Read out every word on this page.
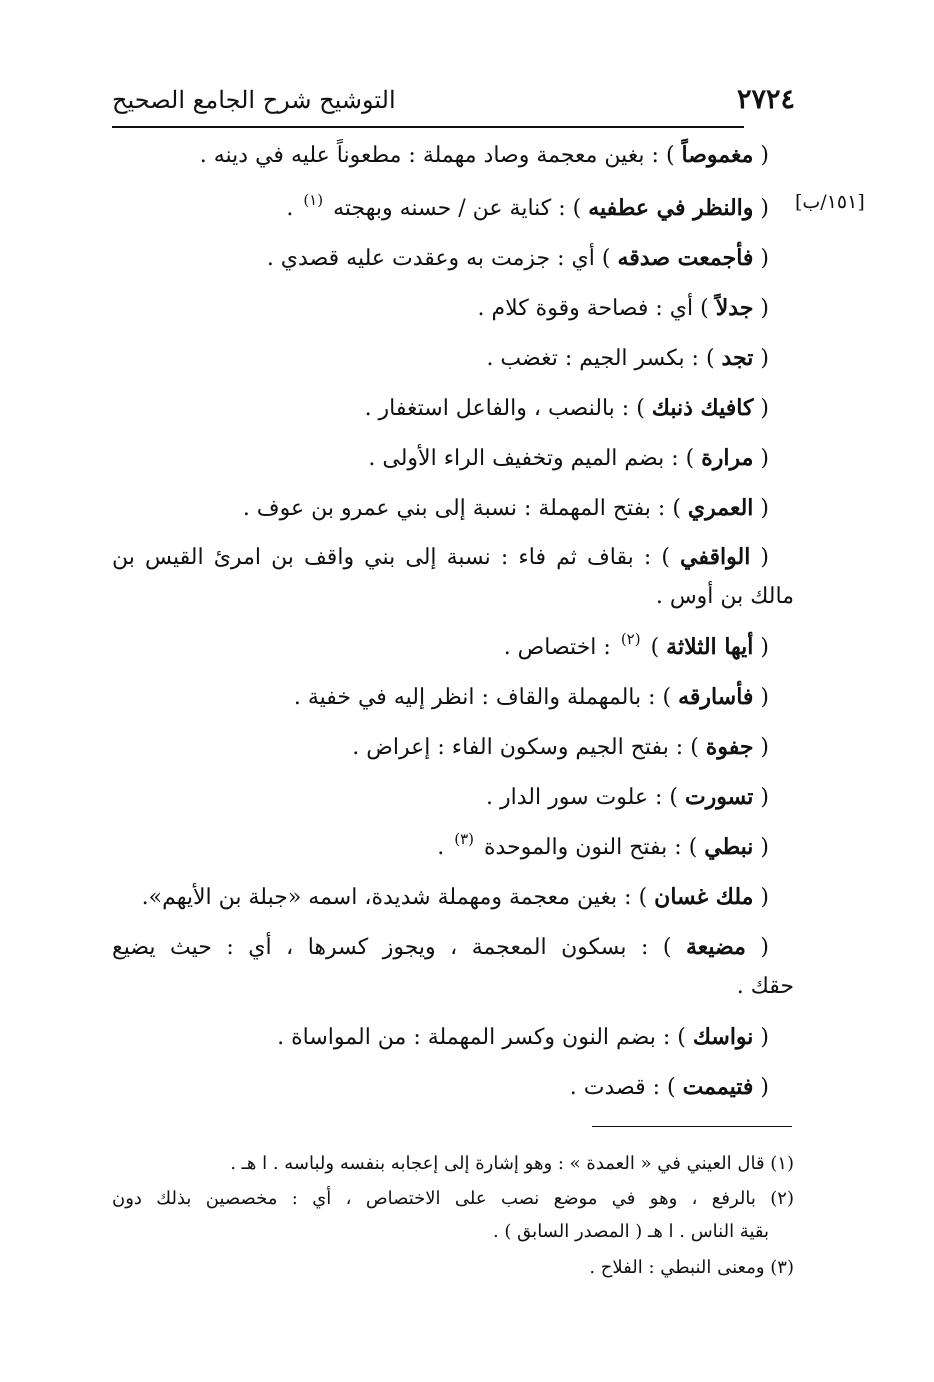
٢٧٢٤
التوشيح شرح الجامع الصحيح
[١٥١/ب]
( مغموصاً ) : بغين معجمة وصاد مهملة : مطعوناً عليه في دينه .
( والنظر في عطفيه ) : كناية عن / حسنه وبهجته $^{(١)}$ .
( فأجمعت صدقه ) أي : جزمت به وعقدت عليه قصدي .
( جدلاً ) أي : فصاحة وقوة كلام .
( تجد ) : بكسر الجيم : تغضب .
( كافيك ذنبك ) : بالنصب ، والفاعل استغفار .
( مرارة ) : بضم الميم وتخفيف الراء الأولى .
( العمري ) : بفتح المهملة : نسبة إلى بني عمرو بن عوف .
( الواقفي ) : بقاف ثم فاء : نسبة إلى بني واقف بن امرئ القيس بن
مالك بن أوس .
( أيها الثلاثة ) $^{(٢)}$ : اختصاص .
( فأسارقه ) : بالمهملة والقاف : انظر إليه في خفية .
( جفوة ) : بفتح الجيم وسكون الفاء : إعراض .
( تسورت ) : علوت سور الدار .
( نبطي ) : بفتح النون والموحدة $^{(٣)}$ .
( ملك غسان ) : بغين معجمة ومهملة شديدة، اسمه «جبلة بن الأيهم».
( مضيعة ) : بسكون المعجمة ، ويجوز كسرها ، أي : حيث يضيع
حقك .
( نواسك ) : بضم النون وكسر المهملة : من المواساة .
( فتيممت ) : قصدت .
(١) قال العيني في « العمدة » : وهو إشارة إلى إعجابه بنفسه ولباسه . ا هـ .
(٢) بالرفع ، وهو في موضع نصب على الاختصاص ، أي : مخصصين بذلك دون
بقية الناس . ا هـ ( المصدر السابق ) .
(٣) ومعنى النبطي : الفلاح .
